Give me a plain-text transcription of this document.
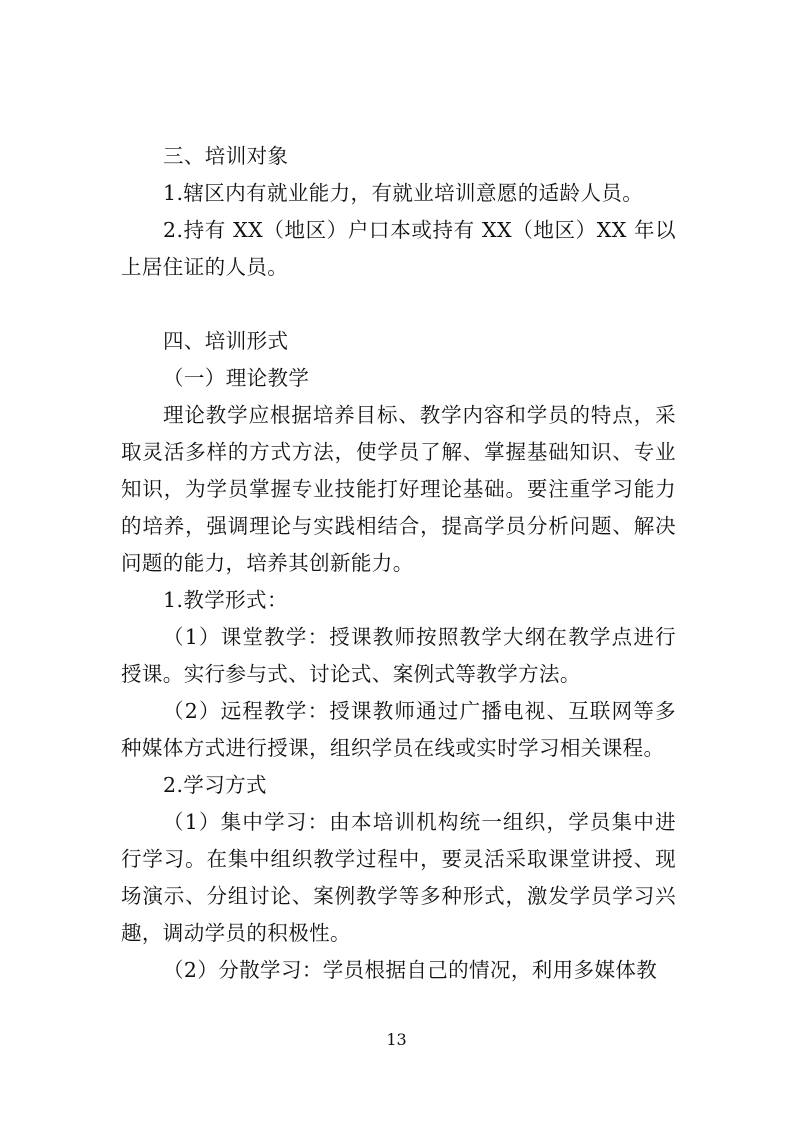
三、培训对象

1.辖区内有就业能力，有就业培训意愿的适龄人员。

2.持有 XX（地区）户口本或持有 XX（地区）XX 年以上居住证的人员。

四、培训形式

（一）理论教学

理论教学应根据培养目标、教学内容和学员的特点，采取灵活多样的方式方法，使学员了解、掌握基础知识、专业知识，为学员掌握专业技能打好理论基础。要注重学习能力的培养，强调理论与实践相结合，提高学员分析问题、解决问题的能力，培养其创新能力。

1.教学形式：

（1）课堂教学：授课教师按照教学大纲在教学点进行授课。实行参与式、讨论式、案例式等教学方法。

（2）远程教学：授课教师通过广播电视、互联网等多种媒体方式进行授课，组织学员在线或实时学习相关课程。

2.学习方式

（1）集中学习：由本培训机构统一组织，学员集中进行学习。在集中组织教学过程中，要灵活采取课堂讲授、现场演示、分组讨论、案例教学等多种形式，激发学员学习兴趣，调动学员的积极性。

（2）分散学习：学员根据自己的情况，利用多媒体教

13
